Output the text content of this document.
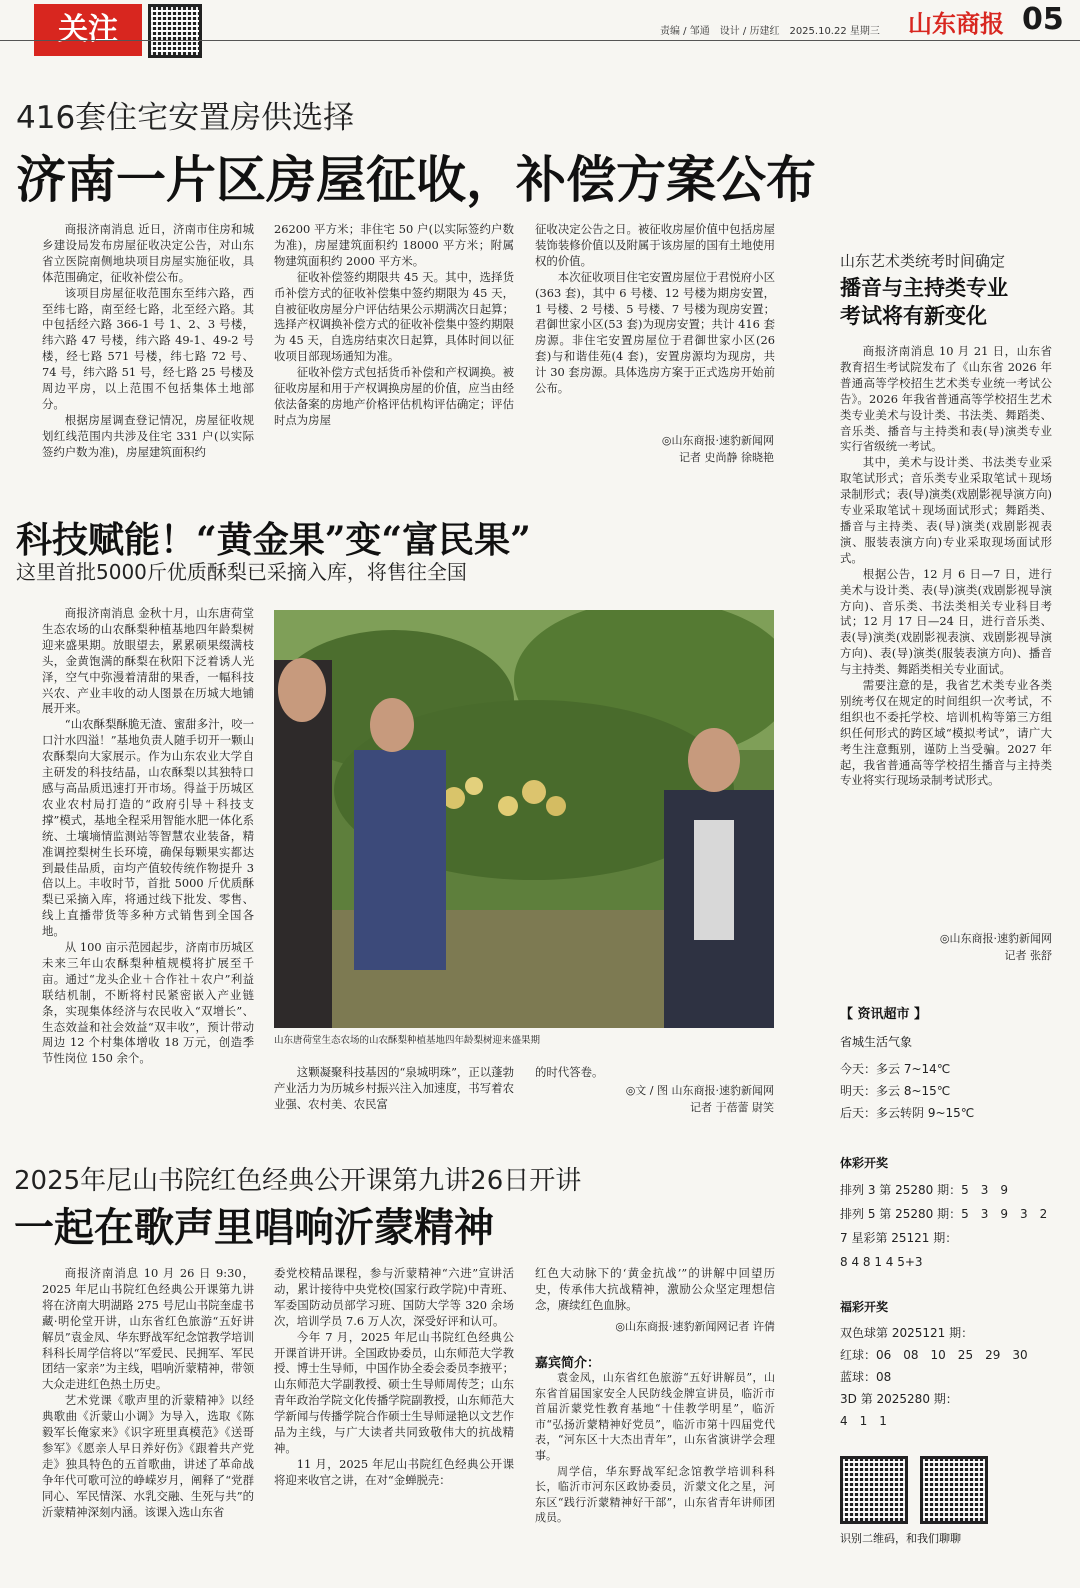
关注	责编 / 邹通　设计 / 历建红　2025.10.22 星期三 山东商报 05
416套住宅安置房供选择
济南一片区房屋征收，补偿方案公布

商报济南消息 近日，济南市住房和城乡建设局发布房屋征收决定公告，对山东省立医院南侧地块项目房屋实施征收，具体范围确定，征收补偿公布。

该项目房屋征收范围东至纬六路，西至纬七路，南至经七路，北至经六路。其中包括经六路 366-1 号 1、2、3 号楼，纬六路 47 号楼，纬六路 49-1、49-2 号楼，经七路 571 号楼，纬七路 72 号、74 号，纬六路 51 号，经七路 25 号楼及周边平房，以上范围不包括集体土地部分。

根据房屋调查登记情况，房屋征收规划红线范围内共涉及住宅 331 户(以实际签约户数为准)，房屋建筑面积约

26200 平方米；非住宅 50 户(以实际签约户数为准)，房屋建筑面积约 18000 平方米；附属物建筑面积约 2000 平方米。

征收补偿签约期限共 45 天。其中，选择货币补偿方式的征收补偿集中签约期限为 45 天，自被征收房屋分户评估结果公示期满次日起算；选择产权调换补偿方式的征收补偿集中签约期限为 45 天，自选房结束次日起算，具体时间以征收项目部现场通知为准。

征收补偿方式包括货币补偿和产权调换。被征收房屋和用于产权调换房屋的价值，应当由经依法备案的房地产价格评估机构评估确定；评估时点为房屋

征收决定公告之日。被征收房屋价值中包括房屋装饰装修价值以及附属于该房屋的国有土地使用权的价值。

本次征收项目住宅安置房屋位于君悦府小区(363 套)，其中 6 号楼、12 号楼为期房安置，1 号楼、2 号楼、5 号楼、7 号楼为现房安置；君御世家小区(53 套)为现房安置；共计 416 套房源。非住宅安置房屋位于君御世家小区(26 套)与和谐佳苑(4 套)，安置房源均为现房，共计 30 套房源。具体选房方案于正式选房开始前公布。

◎山东商报·速豹新闻网
记者 史尚静 徐晓艳
山东艺术类统考时间确定
播音与主持类专业
考试将有新变化

商报济南消息 10 月 21 日，山东省教育招生考试院发布了《山东省 2026 年普通高等学校招生艺术类专业统一考试公告》。2026 年我省普通高等学校招生艺术类专业美术与设计类、书法类、舞蹈类、音乐类、播音与主持类和表(导)演类专业实行省级统一考试。

其中，美术与设计类、书法类专业采取笔试形式；音乐类专业采取笔试＋现场录制形式；表(导)演类(戏剧影视导演方向)专业采取笔试＋现场面试形式；舞蹈类、播音与主持类、表(导)演类(戏剧影视表演、服装表演方向)专业采取现场面试形式。

根据公告，12 月 6 日—7 日，进行美术与设计类、表(导)演类(戏剧影视导演方向)、音乐类、书法类相关专业科目考试；12 月 17 日—24 日，进行音乐类、表(导)演类(戏剧影视表演、戏剧影视导演方向)、表(导)演类(服装表演方向)、播音与主持类、舞蹈类相关专业面试。

需要注意的是，我省艺术类专业各类别统考仅在规定的时间组织一次考试，不组织也不委托学校、培训机构等第三方组织任何形式的跨区域“模拟考试”，请广大考生注意甄别，谨防上当受骗。2027 年起，我省普通高等学校招生播音与主持类专业将实行现场录制考试形式。

◎山东商报·速豹新闻网
记者 张舒
【 资讯超市 】
省城生活气象
今天：多云 7~14℃
明天：多云 8~15℃
后天：多云转阴 9~15℃
体彩开奖
排列 3 第 25280 期：5　3　9
排列 5 第 25280 期：5　3　9　3　2
7 星彩第 25121 期：
8 4 8 1 4 5+3
福彩开奖
双色球第 2025121 期：
红球：06　08　10　25　29　30
蓝球：08
3D 第 2025280 期：
4　1　1
识别二维码，和我们聊聊
科技赋能！“黄金果”变“富民果”
这里首批5000斤优质酥梨已采摘入库，将售往全国

商报济南消息 金秋十月，山东唐荷堂生态农场的山农酥梨种植基地四年龄梨树迎来盛果期。放眼望去，累累硕果缀满枝头，金黄饱满的酥梨在秋阳下泛着诱人光泽，空气中弥漫着清甜的果香，一幅科技兴农、产业丰收的动人图景在历城大地铺展开来。

“山农酥梨酥脆无渣、蜜甜多汁，咬一口汁水四溢！”基地负责人随手切开一颗山农酥梨向大家展示。作为山东农业大学自主研发的科技结晶，山农酥梨以其独特口感与高品质迅速打开市场。得益于历城区农业农村局打造的“政府引导＋科技支撑”模式，基地全程采用智能水肥一体化系统、土壤墒情监测站等智慧农业装备，精准调控梨树生长环境，确保每颗果实都达到最佳品质，亩均产值较传统作物提升 3 倍以上。丰收时节，首批 5000 斤优质酥梨已采摘入库，将通过线下批发、零售、线上直播带货等多种方式销售到全国各地。

从 100 亩示范园起步，济南市历城区未来三年山农酥梨种植规模将扩展至千亩。通过“龙头企业＋合作社＋农户”利益联结机制，不断将村民紧密嵌入产业链条，实现集体经济与农民收入“双增长”、生态效益和社会效益“双丰收”，预计带动周边 12 个村集体增收 18 万元，创造季节性岗位 150 余个。

山东唐荷堂生态农场的山农酥梨种植基地四年龄梨树迎来盛果期

这颗凝聚科技基因的“泉城明珠”，正以蓬勃产业活力为历城乡村振兴注入加速度，书写着农业强、农村美、农民富

的时代答卷。

◎文 / 图 山东商报·速豹新闻网
记者 于蓓蕾 尉笑
2025年尼山书院红色经典公开课第九讲26日开讲
一起在歌声里唱响沂蒙精神

商报济南消息 10 月 26 日 9:30，2025 年尼山书院红色经典公开课第九讲将在济南大明湖路 275 号尼山书院奎虚书藏·明伦堂开讲，山东省红色旅游“五好讲解员”袁金凤、华东野战军纪念馆教学培训科科长周学信将以“军爱民、民拥军、军民团结一家亲”为主线，唱响沂蒙精神，带领大众走进红色热土历史。

艺术党课《歌声里的沂蒙精神》以经典歌曲《沂蒙山小调》为导入，选取《陈毅军长俺家来》《识字班里真模范》《送哥参军》《愿亲人早日养好伤》《跟着共产党走》独具特色的五首歌曲，讲述了革命战争年代可歌可泣的峥嵘岁月，阐释了“党群同心、军民情深、水乳交融、生死与共”的沂蒙精神深刻内涵。该课入选山东省

委党校精品课程，参与沂蒙精神“六进”宣讲活动，累计接待中央党校(国家行政学院)中青班、军委国防动员部学习班、国防大学等 320 余场次，培训学员 7.6 万人次，深受好评和认可。

今年 7 月，2025 年尼山书院红色经典公开课首讲开讲。全国政协委员，山东师范大学教授、博士生导师，中国作协全委会委员李掖平；山东师范大学副教授、硕士生导师周传芝；山东青年政治学院文化传播学院副教授，山东师范大学新闻与传播学院合作硕士生导师逯艳以文艺作品为主线，与广大读者共同致敬伟大的抗战精神。

11 月，2025 年尼山书院红色经典公开课将迎来收官之讲，在对“金蝉脱壳：

红色大动脉下的‘黄金抗战’”的讲解中回望历史，传承伟大抗战精神，激励公众坚定理想信念，赓续红色血脉。

◎山东商报·速豹新闻网记者 许倩
嘉宾简介：

袁金凤，山东省红色旅游“五好讲解员”，山东省首届国家安全人民防线金牌宣讲员，临沂市首届沂蒙党性教育基地“十佳教学明星”，临沂市“弘扬沂蒙精神好党员”，临沂市第十四届党代表，“河东区十大杰出青年”，山东省演讲学会理事。

周学信，华东野战军纪念馆教学培训科科长，临沂市河东区政协委员，沂蒙文化之星，河东区“践行沂蒙精神好干部”，山东省青年讲师团成员。
